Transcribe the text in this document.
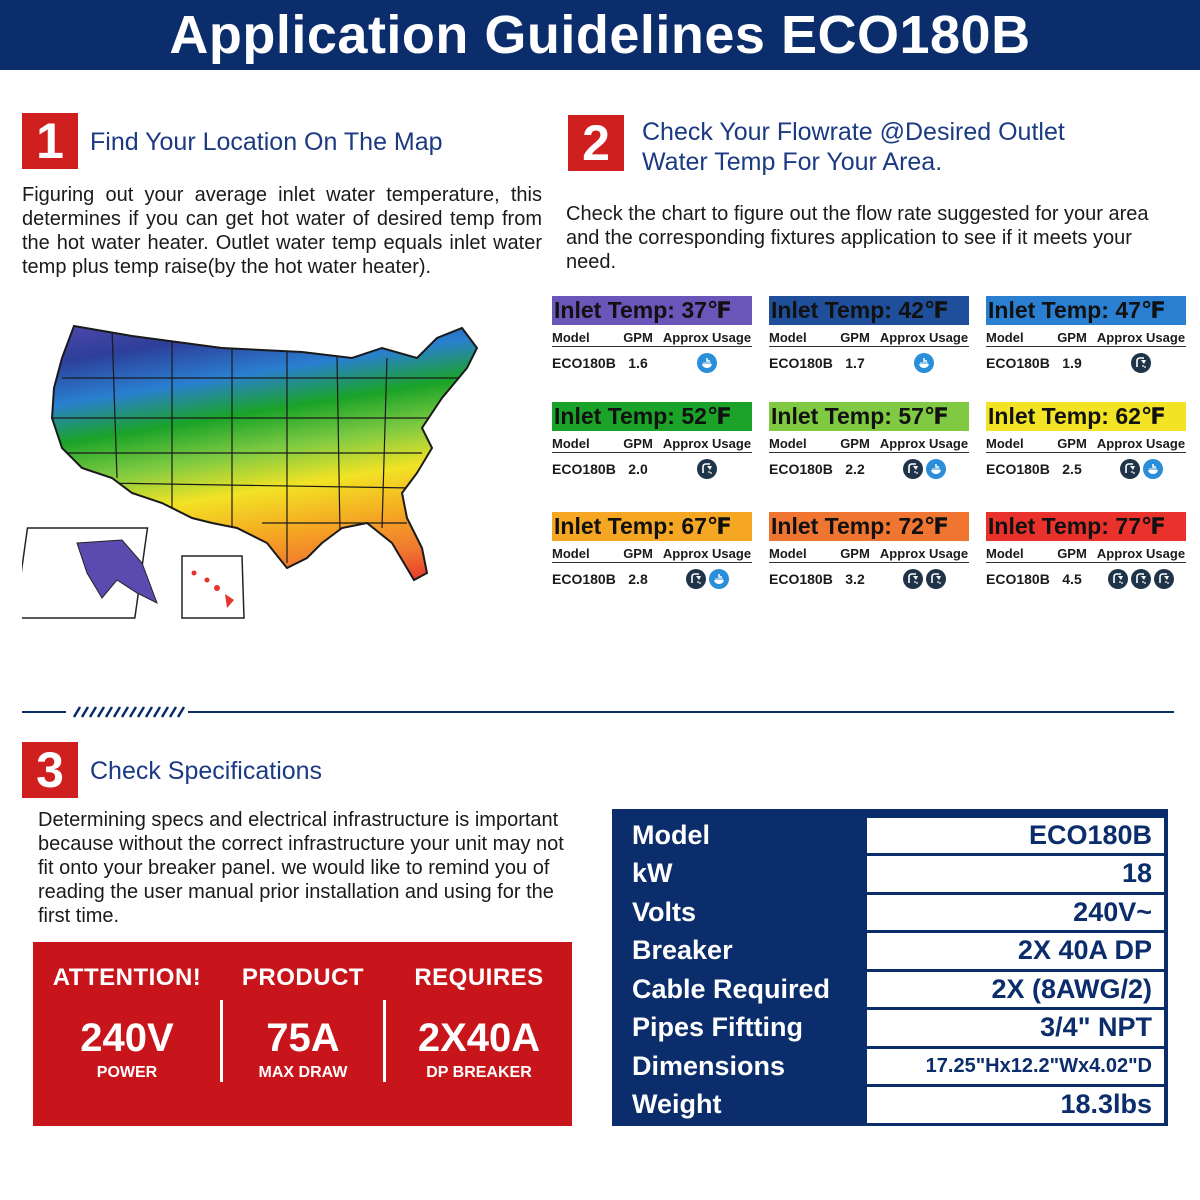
Application Guidelines ECO180B
1	Find Your Location On The Map
Figuring out your average inlet water temperature, this determines if you can get hot water of desired temp from the hot water heater. Outlet water temp equals inlet water temp plus temp raise(by the hot water heater).
2	Check Your Flowrate @Desired Outlet
Water Temp For Your Area.
Check the chart to figure out the flow rate suggested for your area and the corresponding fixtures application to see if it meets your need.
Inlet Temp: 37℉
Model	GPM Approx Usage
ECO180B 1.6
Inlet Temp: 42℉
Model	GPM Approx Usage
ECO180B 1.7
Inlet Temp: 47℉
Model	GPM Approx Usage
ECO180B 1.9
Inlet Temp: 52℉
Model	GPM Approx Usage
ECO180B 2.0
Inlet Temp: 57℉
Model	GPM Approx Usage
ECO180B 2.2
Inlet Temp: 62℉
Model	GPM Approx Usage
ECO180B 2.5
Inlet Temp: 67℉
Model	GPM Approx Usage
ECO180B 2.8
Inlet Temp: 72℉
Model	GPM Approx Usage
ECO180B 3.2
Inlet Temp: 77℉
Model	GPM Approx Usage
ECO180B 4.5
3	Check Specifications
Determining specs and electrical infrastructure is important because without the correct infrastructure your unit may not fit onto your breaker panel. we would like to remind you of reading the user manual prior installation and using for the first time.
ATTENTION!
240V
POWER
PRODUCT
75A
MAX DRAW
REQUIRES
2X40A
DP BREAKER
Model	ECO180B
kW	18
Volts	240V~
Breaker	2X 40A DP
Cable Required	2X (8AWG/2)
Pipes Fiftting	3/4" NPT
Dimensions	17.25"Hx12.2"Wx4.02"D
Weight	18.3lbs
